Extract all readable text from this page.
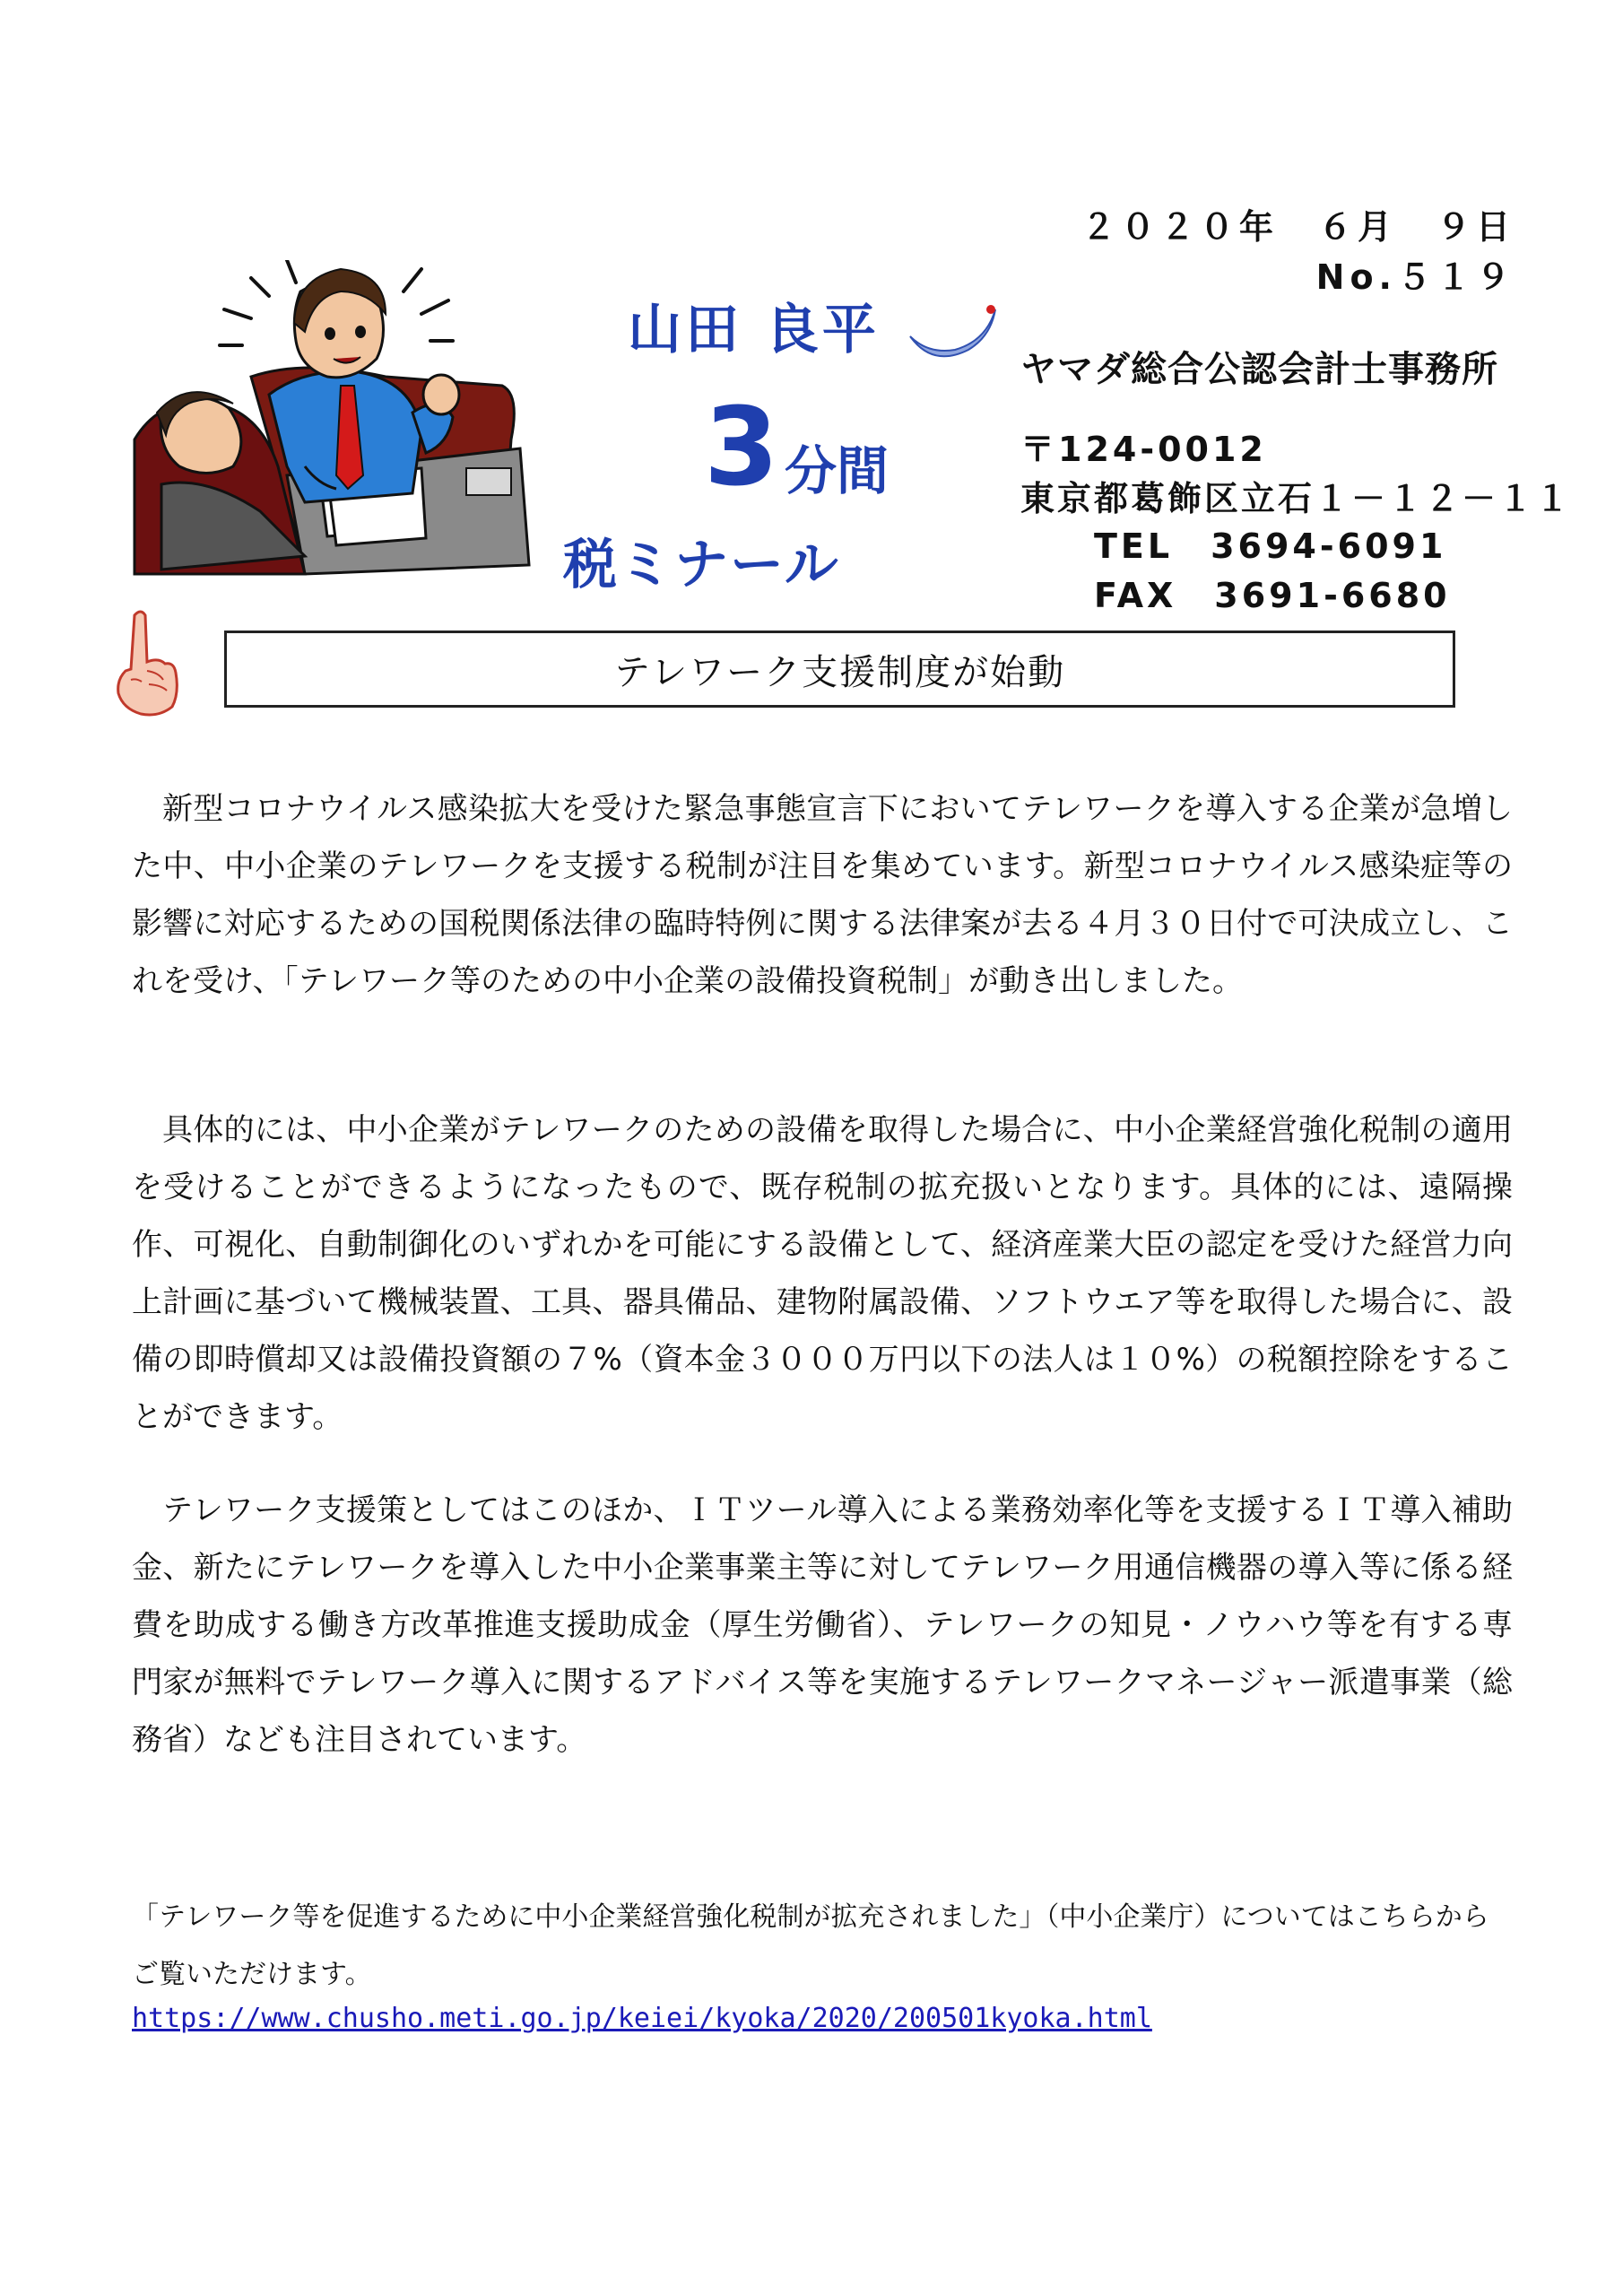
２０２０年　６月　９日
No.５１９
山田 良平
3 分間
税ミナール
ヤマダ総合公認会計士事務所
〒124-0012
東京都葛飾区立石１－１２－１１
TEL　3694-6091
FAX　3691-6680
テレワーク支援制度が始動
新型コロナウイルス感染拡大を受けた緊急事態宣言下においてテレワークを導入する企業が急増した中、中小企業のテレワークを支援する税制が注目を集めています。新型コロナウイルス感染症等の影響に対応するための国税関係法律の臨時特例に関する法律案が去る４月３０日付で可決成立し、これを受け、「テレワーク等のための中小企業の設備投資税制」が動き出しました。
具体的には、中小企業がテレワークのための設備を取得した場合に、中小企業経営強化税制の適用を受けることができるようになったもので、既存税制の拡充扱いとなります。具体的には、遠隔操作、可視化、自動制御化のいずれかを可能にする設備として、経済産業大臣の認定を受けた経営力向上計画に基づいて機械装置、工具、器具備品、建物附属設備、ソフトウエア等を取得した場合に、設備の即時償却又は設備投資額の７%（資本金３０００万円以下の法人は１０%）の税額控除をすることができます。
テレワーク支援策としてはこのほか、ＩＴツール導入による業務効率化等を支援するＩＴ導入補助金、新たにテレワークを導入した中小企業事業主等に対してテレワーク用通信機器の導入等に係る経費を助成する働き方改革推進支援助成金（厚生労働省）、テレワークの知見・ノウハウ等を有する専門家が無料でテレワーク導入に関するアドバイス等を実施するテレワークマネージャー派遣事業（総務省）なども注目されています。
「テレワーク等を促進するために中小企業経営強化税制が拡充されました」（中小企業庁）についてはこちらからご覧いただけます。
https://www.chusho.meti.go.jp/keiei/kyoka/2020/200501kyoka.html
